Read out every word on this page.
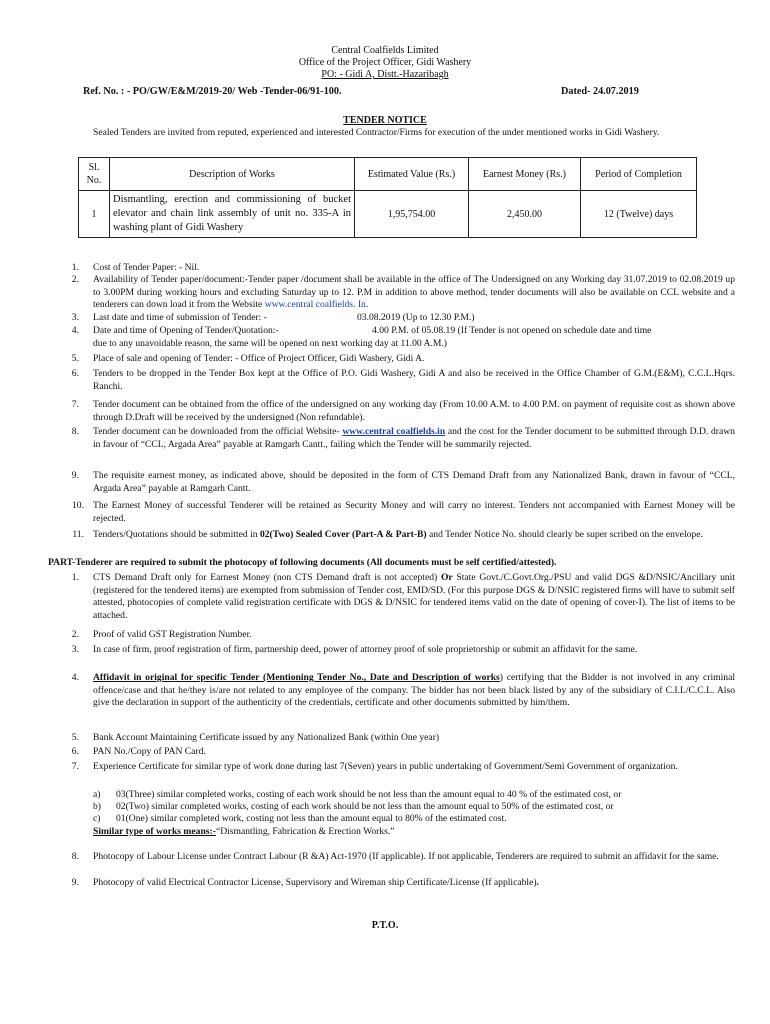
Central Coalfields Limited
Office of the Project Officer, Gidi Washery
PO: - Gidi A, Distt.-Hazaribagh
Ref. No. : - PO/GW/E&M/2019-20/ Web -Tender-06/91-100.	Dated- 24.07.2019
TENDER NOTICE
Sealed Tenders are invited from reputed, experienced and interested Contractor/Firms for execution of the under mentioned works in Gidi Washery.
Sl. No.	Description of Works	Estimated Value (Rs.)	Earnest Money (Rs.)	Period of Completion
1	Dismantling, erection and commissioning of bucket elevator and chain link assembly of unit no. 335-A in washing plant of Gidi Washery	1,95,754.00	2,450.00	12 (Twelve) days
1. Cost of Tender Paper: - Nil.
2. Availability of Tender paper/document:-Tender paper /document shall be available in the office of The Undersigned on any Working day 31.07.2019 to 02.08.2019 up to 3.00PM during working hours and excluding Saturday up to 12. P.M in addition to above method, tender documents will also be available on CCL website and a tenderers can down load it from the Website www.central coalfields. In.
3. Last date and time of submission of Tender: -	03.08.2019 (Up to 12.30 P.M.)
4. Date and time of Opening of Tender/Quotation:-	4.00 P.M. of 05.08.19 (If Tender is not opened on schedule date and time
due to any unavoidable reason, the same will be opened on next working day at 11.00 A.M.)
5. Place of sale and opening of Tender: - Office of Project Officer, Gidi Washery, Gidi A.
6. Tenders to be dropped in the Tender Box kept at the Office of P.O. Gidi Washery, Gidi A and also be received in the Office Chamber of G.M.(E&M), C.C.L.Hqrs. Ranchi.
7. Tender document can be obtained from the office of the undersigned on any working day (From 10.00 A.M. to 4.00 P.M. on payment of requisite cost as shown above through D.Draft will be received by the undersigned (Non refundable).
8. Tender document can be downloaded from the official Website- www.central coalfields.in and the cost for the Tender document to be submitted through D.D. drawn in favour of “CCL, Argada Area” payable at Ramgarh Cantt., failing which the Tender will be summarily rejected.
9. The requisite earnest money, as indicated above, should be deposited in the form of CTS Demand Draft from any Nationalized Bank, drawn in favour of “CCL, Argada Area” payable at Ramgarh Cantt.
10. The Earnest Money of successful Tenderer will be retained as Security Money and will carry no interest. Tenders not accompanied with Earnest Money will be rejected.
11. Tenders/Quotations should be submitted in 02(Two) Sealed Cover (Part-A & Part-B) and Tender Notice No. should clearly be super scribed on the envelope.
PART-Tenderer are required to submit the photocopy of following documents (All documents must be self certified/attested).
1. CTS Demand Draft only for Earnest Money (non CTS Demand draft is not accepted) Or State Govt./C.Govt.Org./PSU and valid DGS &D/NSIC/Ancillary unit (registered for the tendered items) are exempted from submission of Tender cost, EMD/SD. (For this purpose DGS & D/NSIC registered firms will have to submit self attested, photocopies of complete valid registration certificate with DGS & D/NSIC for tendered items valid on the date of opening of cover-I). The list of items to be attached.
2. Proof of valid GST Registration Number.
3. In case of firm, proof registration of firm, partnership deed, power of attorney proof of sole proprietorship or submit an affidavit for the same.
4. Affidavit in original for specific Tender (Mentioning Tender No., Date and Description of works) certifying that the Bidder is not involved in any criminal offence/case and that he/they is/are not related to any employee of the company. The bidder has not been black listed by any of the subsidiary of C.I.L/C.C.L. Also give the declaration in support of the authenticity of the credentials, certificate and other documents submitted by him/them.
5. Bank Account Maintaining Certificate issued by any Nationalized Bank (within One year)
6. PAN No./Copy of PAN Card.
7. Experience Certificate for similar type of work done during last 7(Seven) years in public undertaking of Government/Semi Government of organization.
a)	03(Three) similar completed works, costing of each work should be not less than the amount equal to 40 % of the estimated cost, or
b)	02(Two) similar completed works, costing of each work should be not less than the amount equal to 50% of the estimated cost, or
c)	01(One) similar completed work, costing not less than the amount equal to 80% of the estimated cost.
Similar type of works means:-“Dismantling, Fabrication & Erection Works.”
8. Photocopy of Labour License under Contract Labour (R &A) Act-1970 (If applicable). If not applicable, Tenderers are required to submit an affidavit for the same.
9. Photocopy of valid Electrical Contractor License, Supervisory and Wireman ship Certificate/License (If applicable).
P.T.O.
